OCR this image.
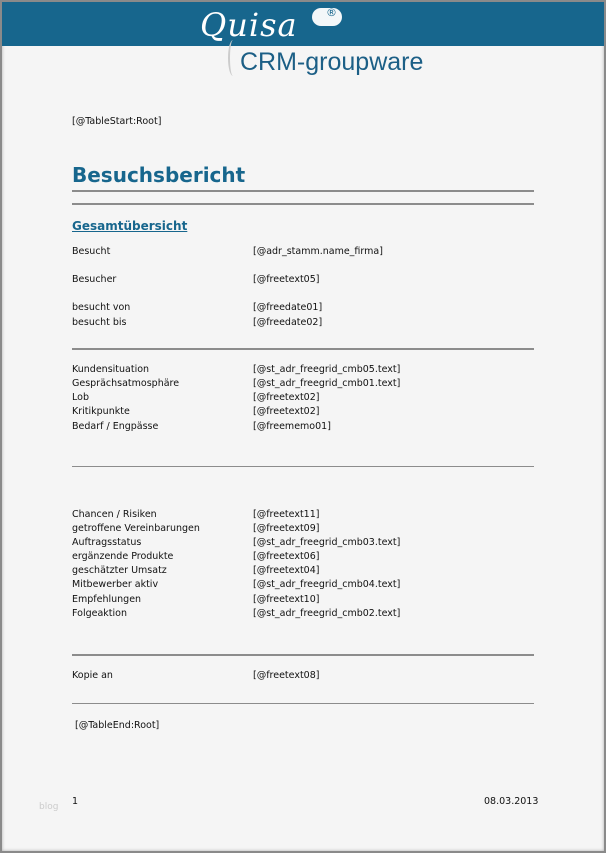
Quisa	®
CRM-groupware
[@TableStart:Root]
Besuchsbericht
Gesamtübersicht
Besucht	[@adr_stamm.name_firma]
Besucher	[@freetext05]
besucht von	[@freedate01]
besucht bis	[@freedate02]
Kundensituation	[@st_adr_freegrid_cmb05.text]
Gesprächsatmosphäre	[@st_adr_freegrid_cmb01.text]
Lob	[@freetext02]
Kritikpunkte	[@freetext02]
Bedarf / Engpässe	[@freememo01]
Chancen / Risiken	[@freetext11]
getroffene Vereinbarungen	[@freetext09]
Auftragsstatus	[@st_adr_freegrid_cmb03.text]
ergänzende Produkte	[@freetext06]
geschätzter Umsatz	[@freetext04]
Mitbewerber aktiv	[@st_adr_freegrid_cmb04.text]
Empfehlungen	[@freetext10]
Folgeaktion	[@st_adr_freegrid_cmb02.text]
Kopie an	[@freetext08]
[@TableEnd:Root]
blog 1	08.03.2013
